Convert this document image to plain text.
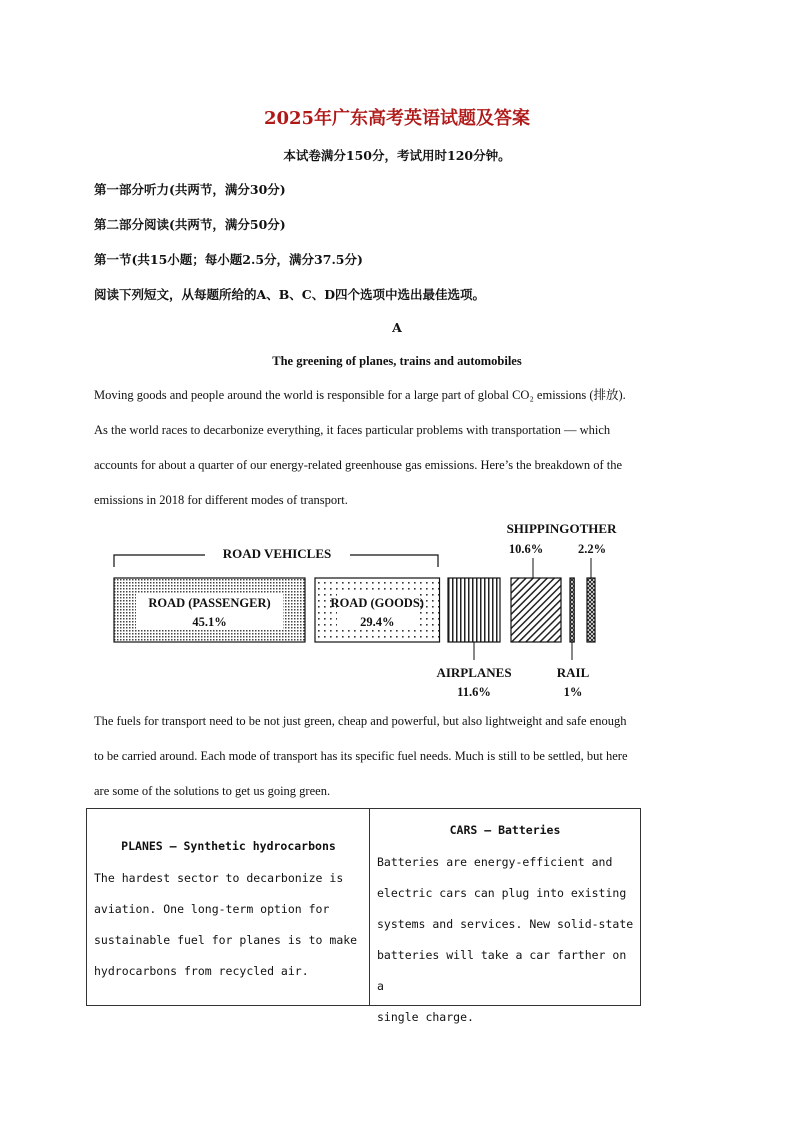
2025年广东高考英语试题及答案
本试卷满分150分，考试用时120分钟。
第一部分听力(共两节，满分30分)
第二部分阅读(共两节，满分50分)
第一节(共15小题；每小题2.5分，满分37.5分)
阅读下列短文，从每题所给的A、B、C、D四个选项中选出最佳选项。
A
The greening of planes, trains and automobiles
Moving goods and people around the world is responsible for a large part of global CO₂ emissions (排放).
As the world races to decarbonize everything, it faces particular problems with transportation — which
accounts for about a quarter of our energy-related greenhouse gas emissions. Here’s the breakdown of the
emissions in 2018 for different modes of transport.
ROAD VEHICLES
ROAD (PASSENGER)
45.1%
ROAD (GOODS)
29.4%
SHIPPING
10.6%
OTHER
2.2%
AIRPLANES
11.6%
RAIL
1%
The fuels for transport need to be not just green, cheap and powerful, but also lightweight and safe enough
to be carried around. Each mode of transport has its specific fuel needs. Much is still to be settled, but here
are some of the solutions to get us going green.
PLANES — Synthetic hydrocarbons
The hardest sector to decarbonize is
aviation. One long-term option for
sustainable fuel for planes is to make
hydrocarbons from recycled air.
CARS — Batteries
Batteries are energy-efficient and
electric cars can plug into existing
systems and services. New solid-state
batteries will take a car farther on a
single charge.
